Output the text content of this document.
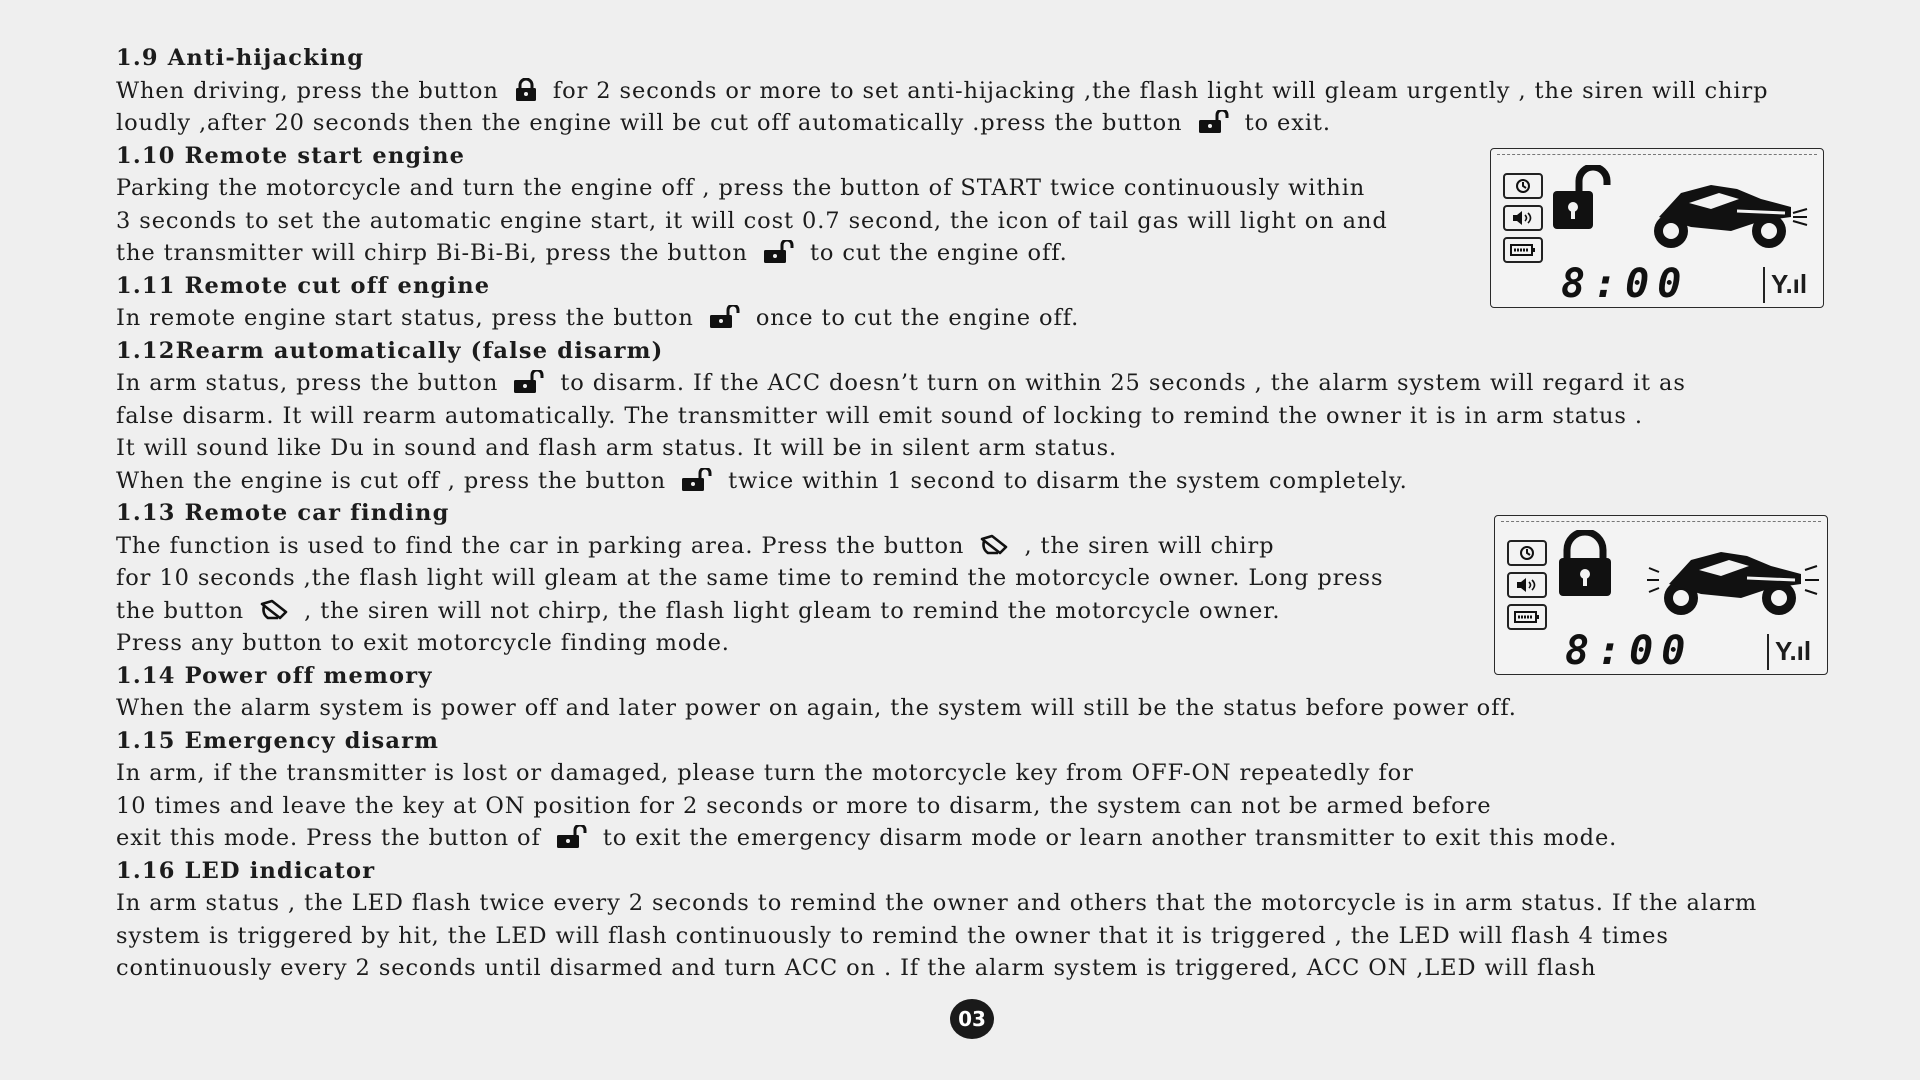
1.9 Anti-hijacking
When driving, press the button for 2 seconds or more to set anti-hijacking ,the flash light will gleam urgently , the siren will chirp
loudly ,after 20 seconds then the engine will be cut off automatically .press the button	to exit.
1.10 Remote start engine
Parking the motorcycle and turn the engine off , press the button of START twice continuously within
3 seconds to set the automatic engine start, it will cost 0.7 second, the icon of tail gas will light on and
the transmitter will chirp Bi-Bi-Bi, press the button	to cut the engine off.
1.11 Remote cut off engine
In remote engine start status, press the button	once to cut the engine off.
1.12Rearm automatically (false disarm)
In arm status, press the button	to disarm. If the ACC doesn’t turn on within 25 seconds , the alarm system will regard it as
false disarm. It will rearm automatically. The transmitter will emit sound of locking to remind the owner it is in arm status .
It will sound like Du in sound and flash arm status. It will be in silent arm status.
When the engine is cut off , press the button	twice within 1 second to disarm the system completely.
1.13 Remote car finding
The function is used to find the car in parking area. Press the button	, the siren will chirp
for 10 seconds ,the flash light will gleam at the same time to remind the motorcycle owner. Long press
the button	, the siren will not chirp, the flash light gleam to remind the motorcycle owner.
Press any button to exit motorcycle finding mode.
1.14 Power off memory
When the alarm system is power off and later power on again, the system will still be the status before power off.
1.15 Emergency disarm
In arm, if the transmitter is lost or damaged, please turn the motorcycle key from OFF-ON repeatedly for
10 times and leave the key at ON position for 2 seconds or more to disarm, the system can not be armed before
exit this mode. Press the button of	to exit the emergency disarm mode or learn another transmitter to exit this mode.
1.16 LED indicator
In arm status , the LED flash twice every 2 seconds to remind the owner and others that the motorcycle is in arm status. If the alarm
system is triggered by hit, the LED will flash continuously to remind the owner that it is triggered , the LED will flash 4 times
continuously every 2 seconds until disarmed and turn ACC on . If the alarm system is triggered, ACC ON ,LED will flash
8:00	Y.ıl
8:00	Y.ıl
03
